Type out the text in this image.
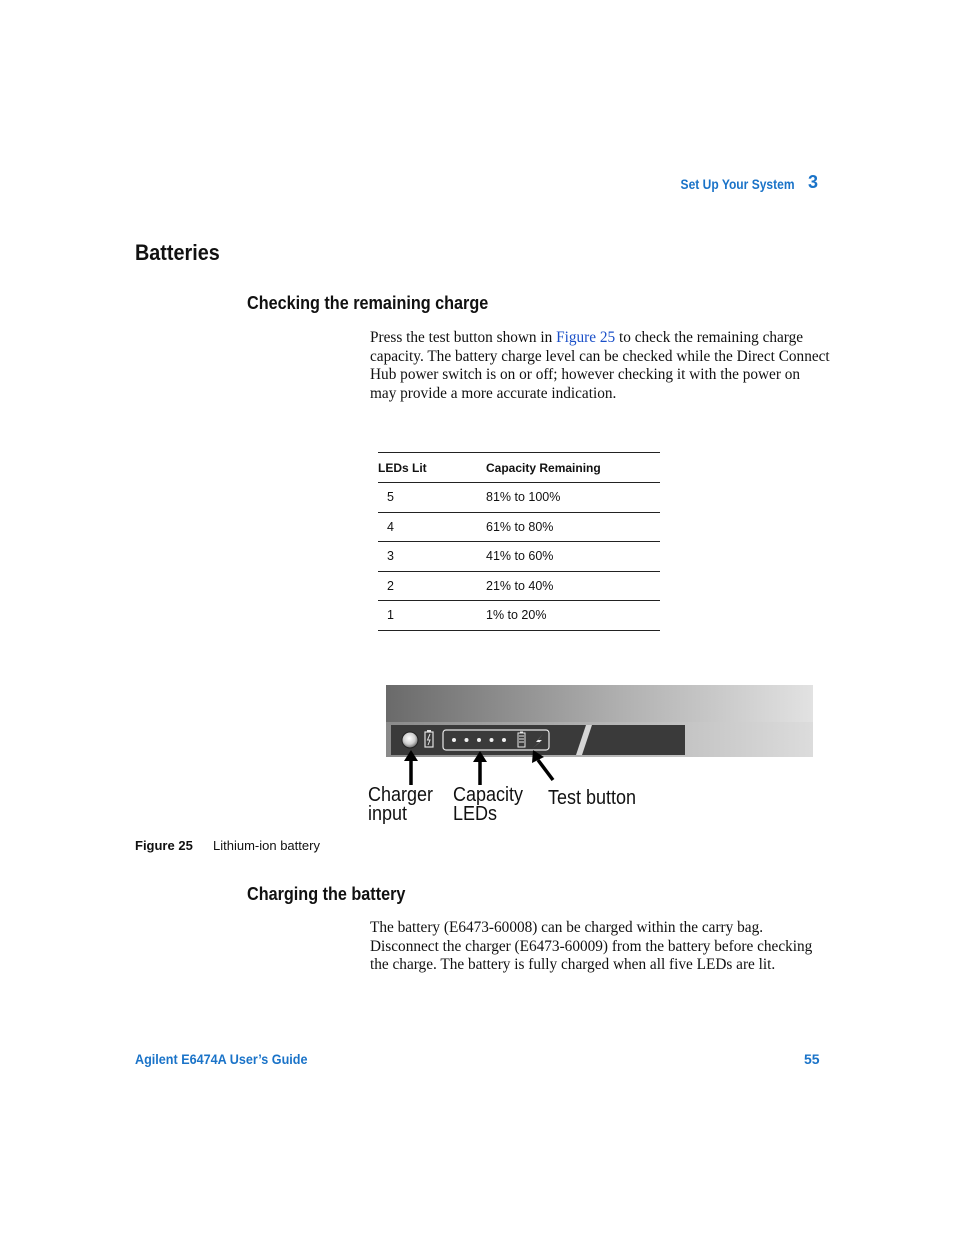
Set Up Your System 3
Batteries
Checking the remaining charge
Press the test button shown in Figure 25 to check the remaining charge capacity. The battery charge level can be checked while the Direct Connect Hub power switch is on or off; however checking it with the power on may provide a more accurate indication.
LEDs Lit	Capacity Remaining
5	81% to 100%
4	61% to 80%
3	41% to 60%
2	21% to 40%
1	1% to 20%
Charger
input
Capacity
LEDs
Test button
Figure 25 Lithium-ion battery
Charging the battery
The battery (E6473-60008) can be charged within the carry bag. Disconnect the charger (E6473-60009) from the battery before checking the charge. The battery is fully charged when all five LEDs are lit.
Agilent E6474A User’s Guide	55
